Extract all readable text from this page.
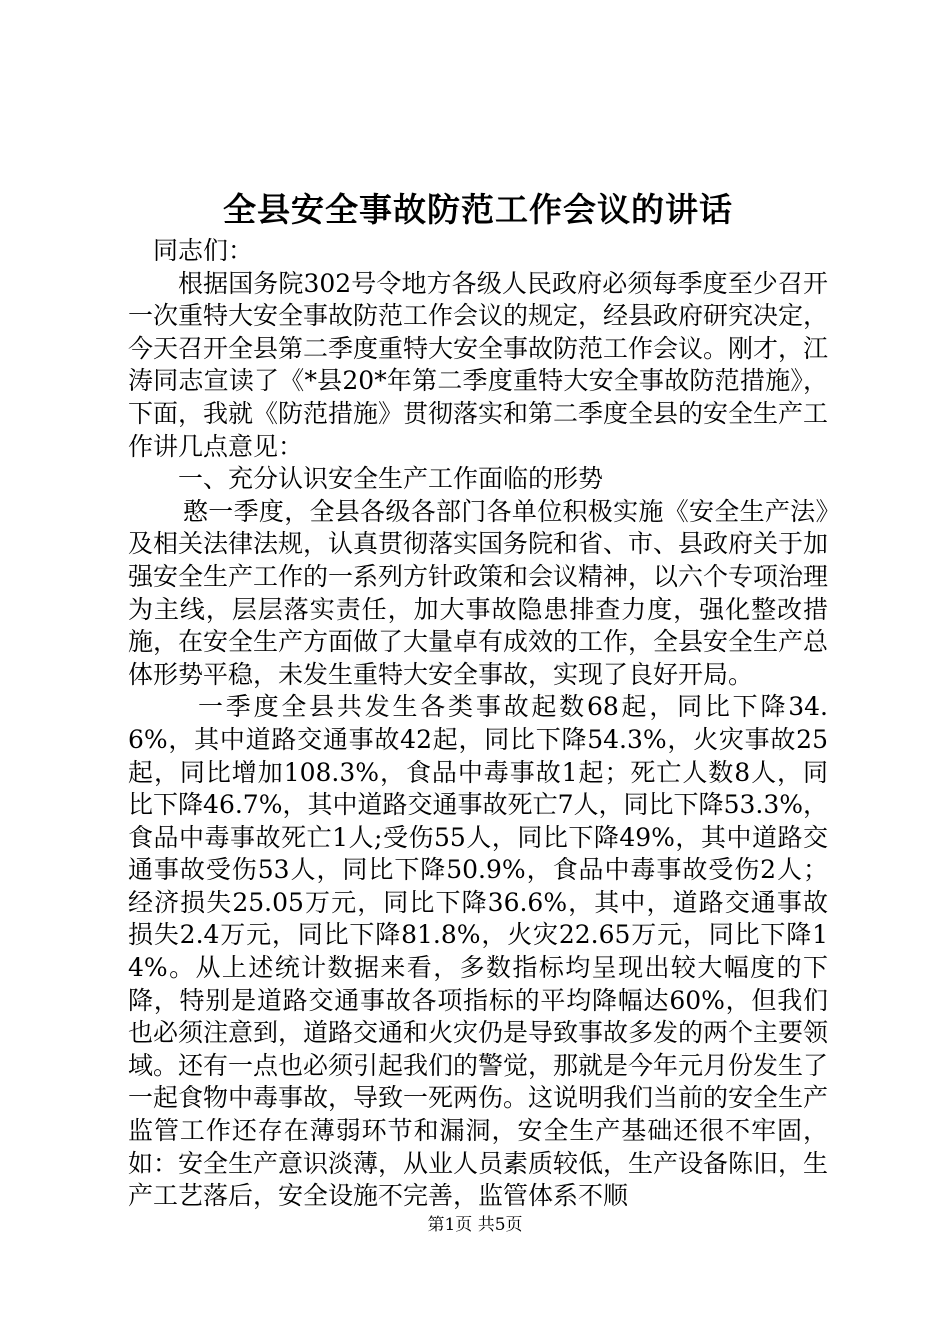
全县安全事故防范工作会议的讲话

同志们：

根据国务院302号令地方各级人民政府必须每季度至少召开一次重特大安全事故防范工作会议的规定，经县政府研究决定，今天召开全县第二季度重特大安全事故防范工作会议。刚才，江涛同志宣读了《*县20*年第二季度重特大安全事故防范措施》，下面，我就《防范措施》贯彻落实和第二季度全县的安全生产工作讲几点意见：

一、充分认识安全生产工作面临的形势

憨一季度，全县各级各部门各单位积极实施《安全生产法》及相关法律法规，认真贯彻落实国务院和省、市、县政府关于加强安全生产工作的一系列方针政策和会议精神，以六个专项治理为主线，层层落实责任，加大事故隐患排查力度，强化整改措施，在安全生产方面做了大量卓有成效的工作，全县安全生产总体形势平稳，未发生重特大安全事故，实现了良好开局。

一季度全县共发生各类事故起数68起，同比下降34.6%，其中道路交通事故42起，同比下降54.3%，火灾事故25起，同比增加108.3%，食品中毒事故1起；死亡人数8人，同比下降46.7%，其中道路交通事故死亡7人，同比下降53.3%，食品中毒事故死亡1人;受伤55人，同比下降49%，其中道路交通事故受伤53人，同比下降50.9%，食品中毒事故受伤2人；经济损失25.05万元，同比下降36.6%，其中，道路交通事故损失2.4万元，同比下降81.8%，火灾22.65万元，同比下降14%。从上述统计数据来看，多数指标均呈现出较大幅度的下降，特别是道路交通事故各项指标的平均降幅达60%，但我们也必须注意到，道路交通和火灾仍是导致事故多发的两个主要领域。还有一点也必须引起我们的警觉，那就是今年元月份发生了一起食物中毒事故，导致一死两伤。这说明我们当前的安全生产监管工作还存在薄弱环节和漏洞，安全生产基础还很不牢固，如：安全生产意识淡薄，从业人员素质较低，生产设备陈旧，生产工艺落后，安全设施不完善，监管体系不顺

第1页 共5页
